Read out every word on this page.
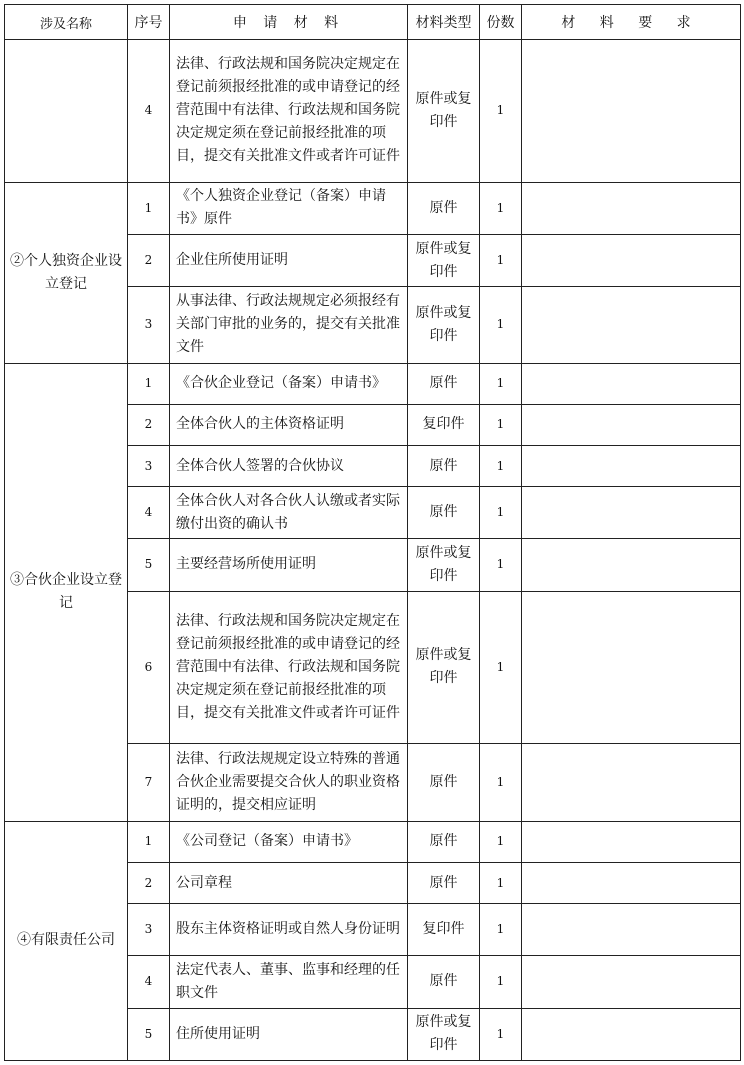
涉及名称	序号	申 请 材 料	材料类型	份数	材 料 要 求
	4	法律、行政法规和国务院决定规定在登记前须报经批准的或申请登记的经营范围中有法律、行政法规和国务院决定规定须在登记前报经批准的项目，提交有关批准文件或者许可证件	原件或复印件	1	
②个人独资企业设立登记	1	《个人独资企业登记（备案）申请书》原件	原件	1	
	2	企业住所使用证明	原件或复印件	1	
	3	从事法律、行政法规规定必须报经有关部门审批的业务的，提交有关批准文件	原件或复印件	1	
③合伙企业设立登记	1	《合伙企业登记（备案）申请书》	原件	1	
	2	全体合伙人的主体资格证明	复印件	1	
	3	全体合伙人签署的合伙协议	原件	1	
	4	全体合伙人对各合伙人认缴或者实际缴付出资的确认书	原件	1	
	5	主要经营场所使用证明	原件或复印件	1	
	6	法律、行政法规和国务院决定规定在登记前须报经批准的或申请登记的经营范围中有法律、行政法规和国务院决定规定须在登记前报经批准的项目，提交有关批准文件或者许可证件	原件或复印件	1	
	7	法律、行政法规规定设立特殊的普通合伙企业需要提交合伙人的职业资格证明的，提交相应证明	原件	1	
④有限责任公司	1	《公司登记（备案）申请书》	原件	1	
	2	公司章程	原件	1	
	3	股东主体资格证明或自然人身份证明	复印件	1	
	4	法定代表人、董事、监事和经理的任职文件	原件	1	
	5	住所使用证明	原件或复印件	1	
